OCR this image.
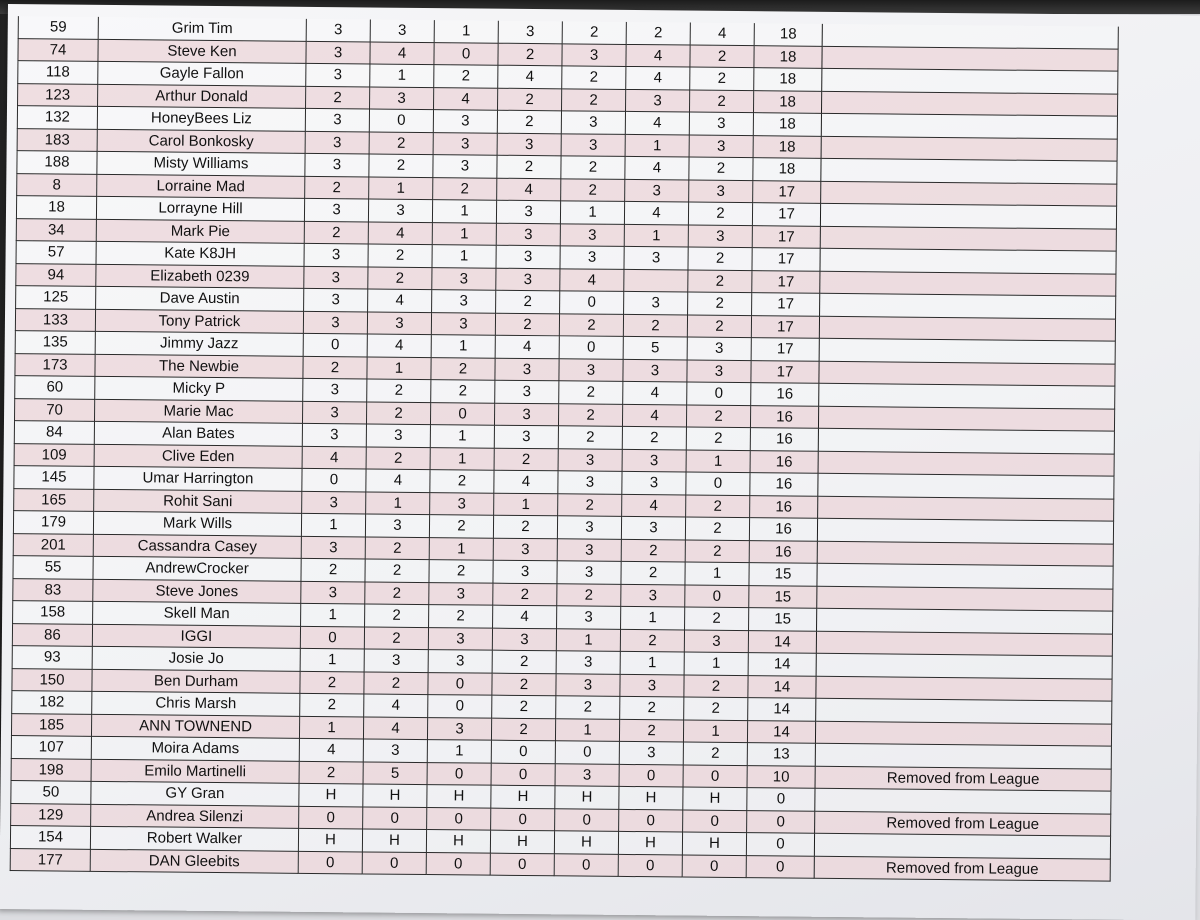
59	Grim Tim	3	3	1	3	2	2	4	18	
74	Steve Ken	3	4	0	2	3	4	2	18	
118	Gayle Fallon	3	1	2	4	2	4	2	18	
123	Arthur Donald	2	3	4	2	2	3	2	18	
132	HoneyBees Liz	3	0	3	2	3	4	3	18	
183	Carol Bonkosky	3	2	3	3	3	1	3	18	
188	Misty Williams	3	2	3	2	2	4	2	18	
8	Lorraine Mad	2	1	2	4	2	3	3	17	
18	Lorrayne Hill	3	3	1	3	1	4	2	17	
34	Mark Pie	2	4	1	3	3	1	3	17	
57	Kate K8JH	3	2	1	3	3	3	2	17	
94	Elizabeth 0239	3	2	3	3	4		2	17	
125	Dave Austin	3	4	3	2	0	3	2	17	
133	Tony Patrick	3	3	3	2	2	2	2	17	
135	Jimmy Jazz	0	4	1	4	0	5	3	17	
173	The Newbie	2	1	2	3	3	3	3	17	
60	Micky P	3	2	2	3	2	4	0	16	
70	Marie Mac	3	2	0	3	2	4	2	16	
84	Alan Bates	3	3	1	3	2	2	2	16	
109	Clive Eden	4	2	1	2	3	3	1	16	
145	Umar Harrington	0	4	2	4	3	3	0	16	
165	Rohit Sani	3	1	3	1	2	4	2	16	
179	Mark Wills	1	3	2	2	3	3	2	16	
201	Cassandra Casey	3	2	1	3	3	2	2	16	
55	AndrewCrocker	2	2	2	3	3	2	1	15	
83	Steve Jones	3	2	3	2	2	3	0	15	
158	Skell Man	1	2	2	4	3	1	2	15	
86	IGGI	0	2	3	3	1	2	3	14	
93	Josie Jo	1	3	3	2	3	1	1	14	
150	Ben Durham	2	2	0	2	3	3	2	14	
182	Chris Marsh	2	4	0	2	2	2	2	14	
185	ANN TOWNEND	1	4	3	2	1	2	1	14	
107	Moira Adams	4	3	1	0	0	3	2	13	
198	Emilo Martinelli	2	5	0	0	3	0	0	10	Removed from League
50	GY Gran	H	H	H	H	H	H	H	0	
129	Andrea Silenzi	0	0	0	0	0	0	0	0	Removed from League
154	Robert Walker	H	H	H	H	H	H	H	0	
177	DAN Gleebits	0	0	0	0	0	0	0	0	Removed from League
